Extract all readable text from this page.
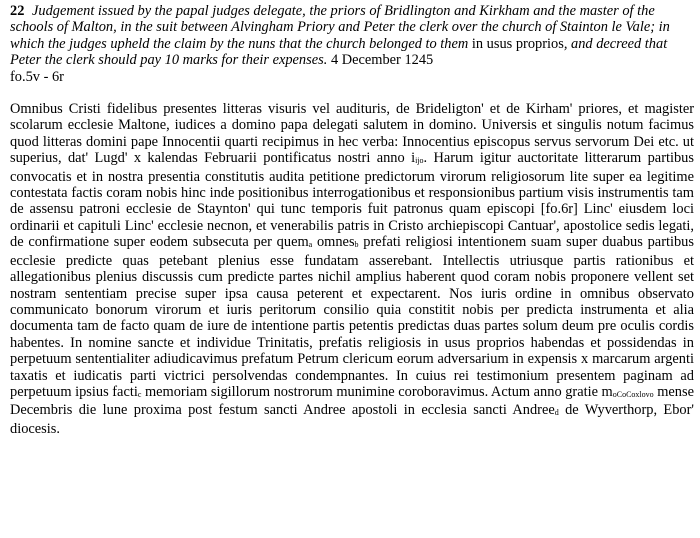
22 Judgement issued by the papal judges delegate, the priors of Bridlington and Kirkham and the master of the schools of Malton, in the suit between Alvingham Priory and Peter the clerk over the church of Stainton le Vale; in which the judges upheld the claim by the nuns that the church belonged to them in usus proprios, and decreed that Peter the clerk should pay 10 marks for their expenses. 4 December 1245

fo.5v - 6r

Omnibus Cristi fidelibus presentes litteras visuris vel audituris, de Brideligton' et de Kirham' priores, et magister scolarum ecclesie Maltone, iudices a domino papa delegati salutem in domino. Universis et singulis notum facimus quod litteras domini pape Innocentii quarti recipimus in hec verba: Innocentius episcopus servus servorum Dei etc. ut superius, dat' Lugd' x kalendas Februarii pontificatus nostri anno iijo. Harum igitur auctoritate litterarum partibus convocatis et in nostra presentia constitutis audita petitione predictorum virorum religiosorum lite super ea legitime contestata factis coram nobis hinc inde positionibus interrogationibus et responsionibus partium visis instrumentis tam de assensu patroni ecclesie de Staynton' qui tunc temporis fuit patronus quam episcopi [fo.6r] Linc' eiusdem loci ordinarii et capituli Linc' ecclesie necnon, et venerabilis patris in Cristo archiepiscopi Cantuar', apostolice sedis legati, de confirmatione super eodem subsecuta per quema omnesb prefati religiosi intentionem suam super duabus partibus ecclesie predicte quas petebant plenius esse fundatam asserebant. Intellectis utriusque partis rationibus et allegationibus plenius discussis cum predicte partes nichil amplius haberent quod coram nobis proponere vellent set nostram sententiam precise super ipsa causa peterent et expectarent. Nos iuris ordine in omnibus observato communicato bonorum virorum et iuris peritorum consilio quia constitit nobis per predicta instrumenta et alia documenta tam de facto quam de iure de intentione partis petentis predictas duas partes solum deum pre oculis cordis habentes. In nomine sancte et individue Trinitatis, prefatis religiosis in usus proprios habendas et possidendas in perpetuum sententialiter adiudicavimus prefatum Petrum clericum eorum adversarium in expensis x marcarum argenti taxatis et iudicatis parti victrici persolvendas condempnantes. In cuius rei testimonium presentem paginam ad perpetuum ipsius factic memoriam sigillorum nostrorum munimine coroboravimus. Actum anno gratie moCoCoxlovo mense Decembris die lune proxima post festum sancti Andree apostoli in ecclesia sancti Andreed de Wyverthorp, Ebor' diocesis.
